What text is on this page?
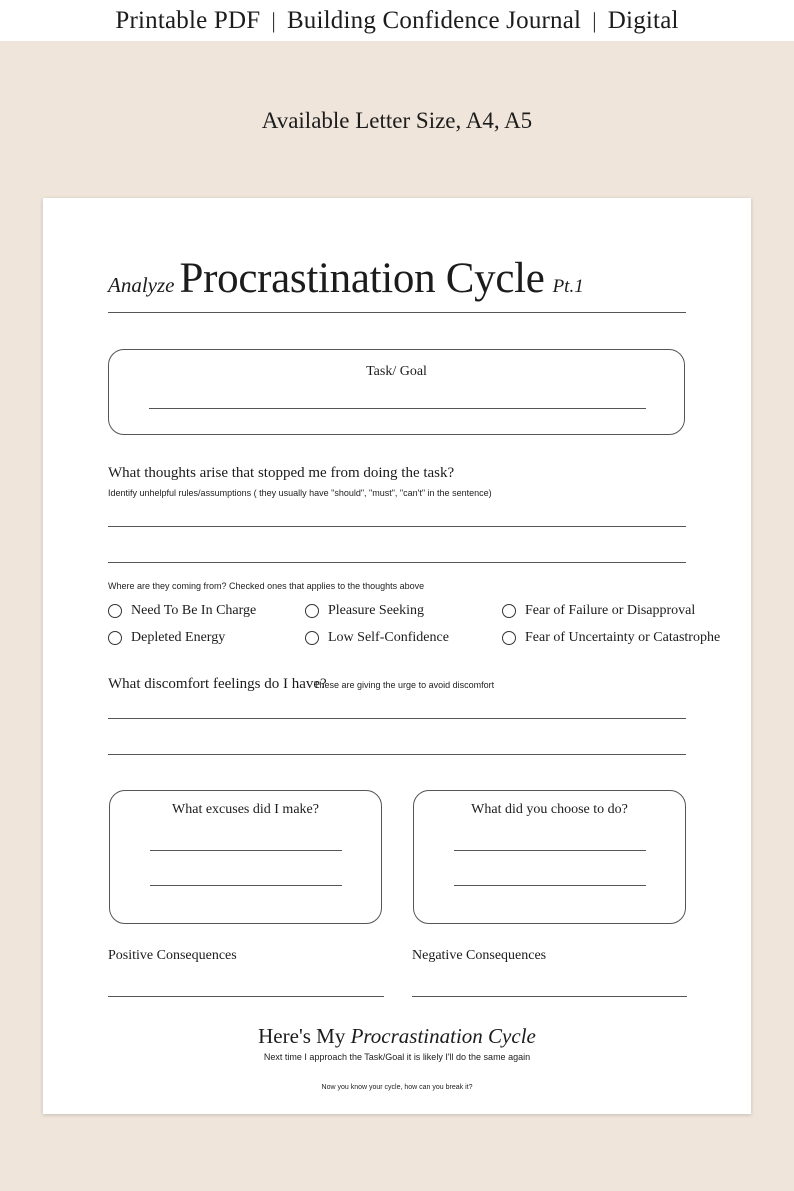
Printable PDF | Building Confidence Journal | Digital
Available Letter Size, A4, A5
Analyze Procrastination Cycle Pt.1
Task/ Goal
What thoughts arise that stopped me from doing the task?
Identify unhelpful rules/assumptions ( they usually have "should", "must", "can't" in the sentence)
Where are they coming from? Checked ones that applies to the thoughts above
Need To Be In Charge	Pleasure Seeking	Fear of Failure or Disapproval
Depleted Energy	Low Self-Confidence	Fear of Uncertainty or Catastrophe
What discomfort feelings do I have?
These are giving the urge to avoid discomfort
What excuses did I make?	What did you choose to do?
Positive Consequences	Negative Consequences
Here's My Procrastination Cycle
Next time I approach the Task/Goal it is likely I'll do the same again
Now you know your cycle, how can you break it?
